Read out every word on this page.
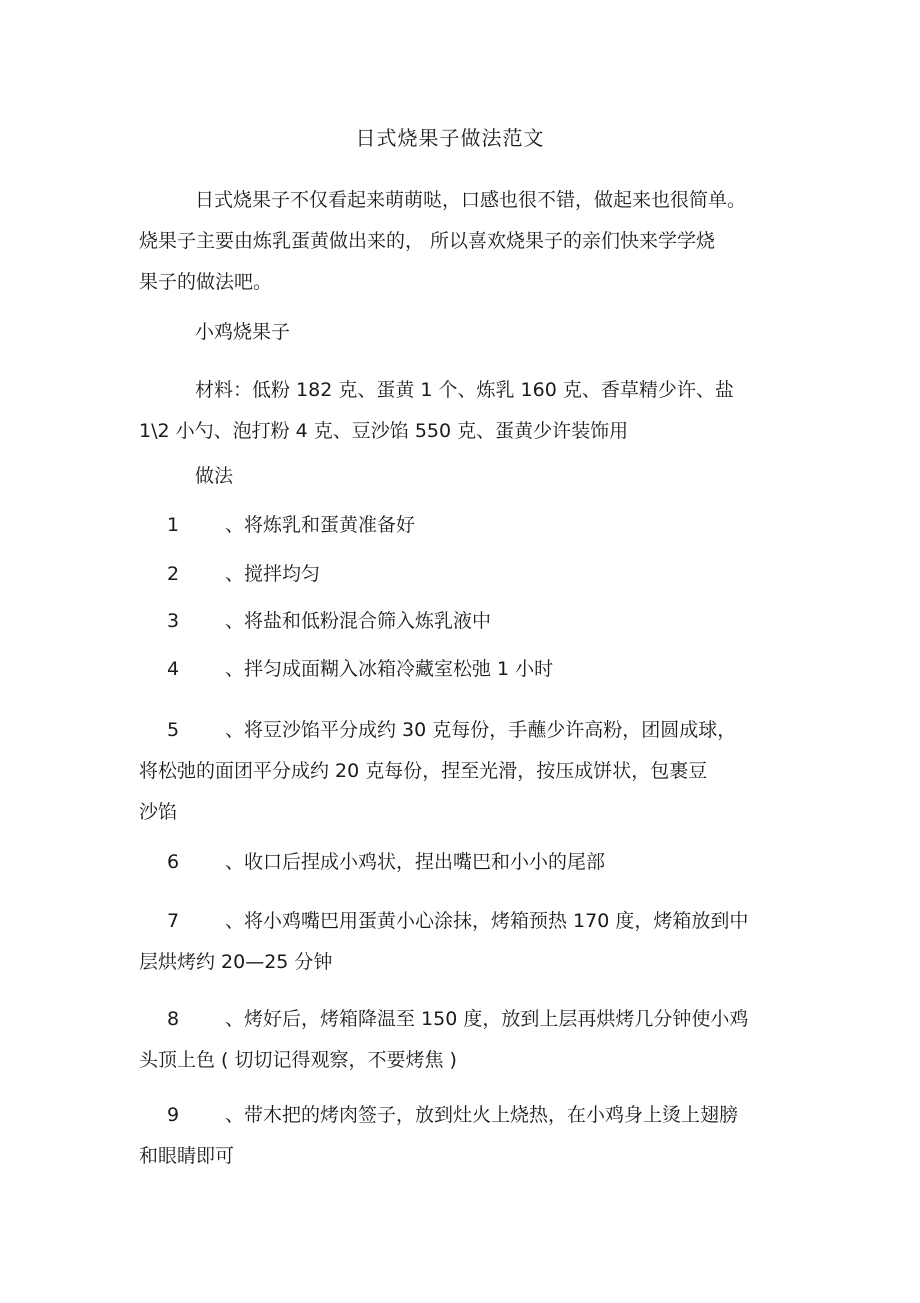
日式烧果子做法范文
日式烧果子不仅看起来萌萌哒，口感也很不错，做起来也很简单。
烧果子主要由炼乳蛋黄做出来的， 所以喜欢烧果子的亲们快来学学烧
果子的做法吧。
小鸡烧果子
材料：低粉 182 克、蛋黄 1 个、炼乳 160 克、香草精少许、盐
1\2 小勺、泡打粉 4 克、豆沙馅 550 克、蛋黄少许装饰用
做法
1 、将炼乳和蛋黄准备好
2 、搅拌均匀
3 、将盐和低粉混合筛入炼乳液中
4 、拌匀成面糊入冰箱冷藏室松弛 1 小时
5 、将豆沙馅平分成约 30 克每份，手蘸少许高粉，团圆成球，
将松弛的面团平分成约 20 克每份，捏至光滑，按压成饼状，包裹豆
沙馅
6 、收口后捏成小鸡状，捏出嘴巴和小小的尾部
7 、将小鸡嘴巴用蛋黄小心涂抹，烤箱预热 170 度，烤箱放到中
层烘烤约 20—25 分钟
8 、烤好后，烤箱降温至 150 度，放到上层再烘烤几分钟使小鸡
头顶上色 ( 切切记得观察，不要烤焦 )
9 、带木把的烤肉签子，放到灶火上烧热，在小鸡身上烫上翅膀
和眼睛即可
